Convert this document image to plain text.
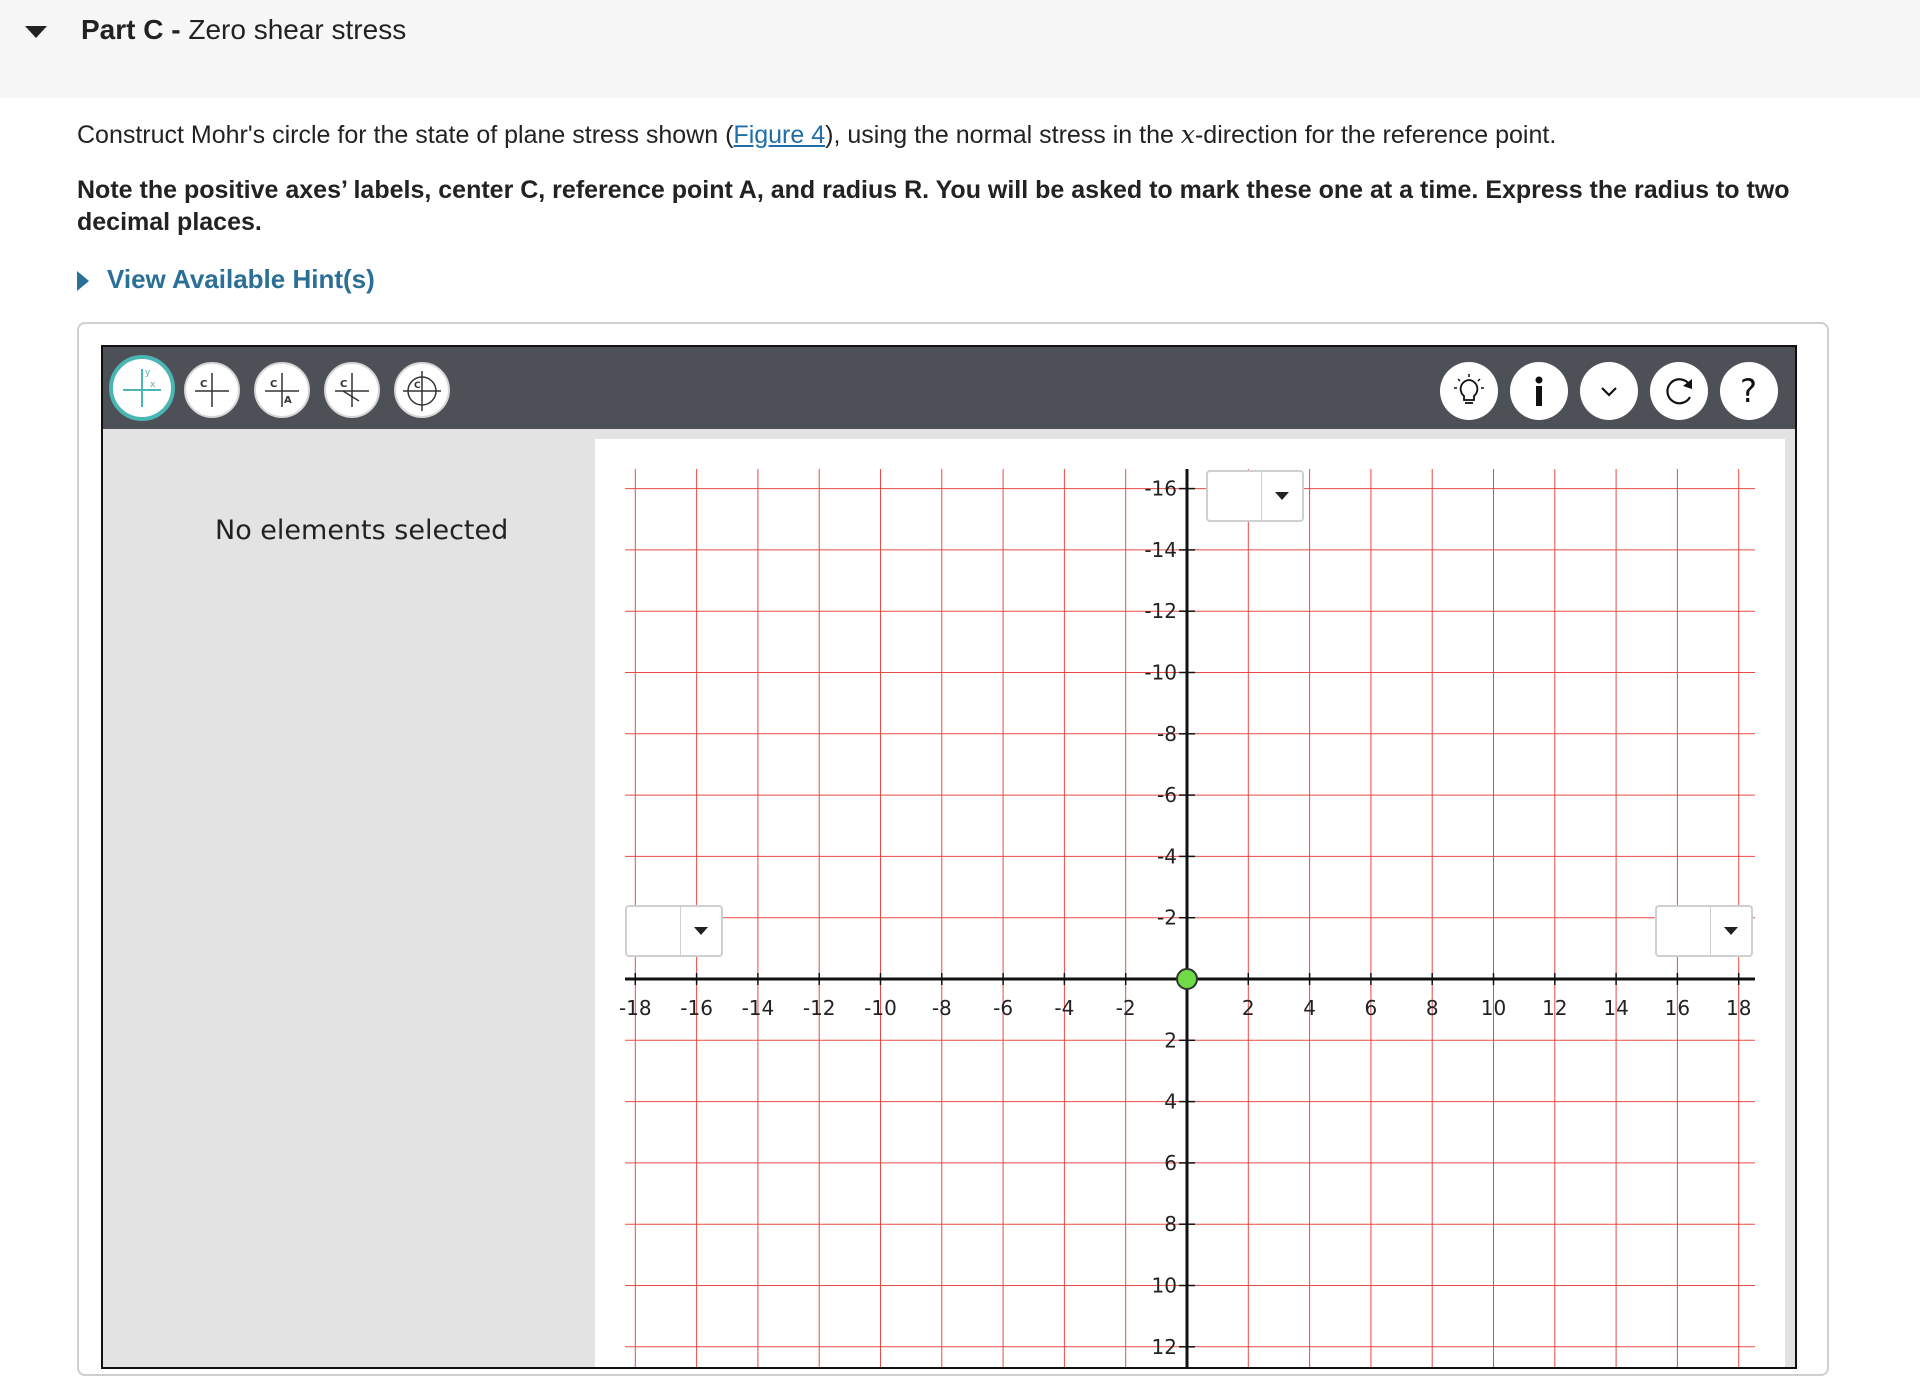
Part C - Zero shear stress
Construct Mohr's circle for the state of plane stress shown (Figure 4), using the normal stress in the x-direction for the reference point.
Note the positive axes’ labels, center C, reference point A, and radius R. You will be asked to mark these one at a time. Express the radius to two decimal places.
View Available Hint(s)
x
y
C	C
A
C	C	?
No elements selected
-18 -16 -14 -12 -10 -8 -6 -4 -2	2 4 6 8 10 12 14 16 18
-2
-4
-6
-8
-10
-12
-14
-16
2
4
6
8
10
12
